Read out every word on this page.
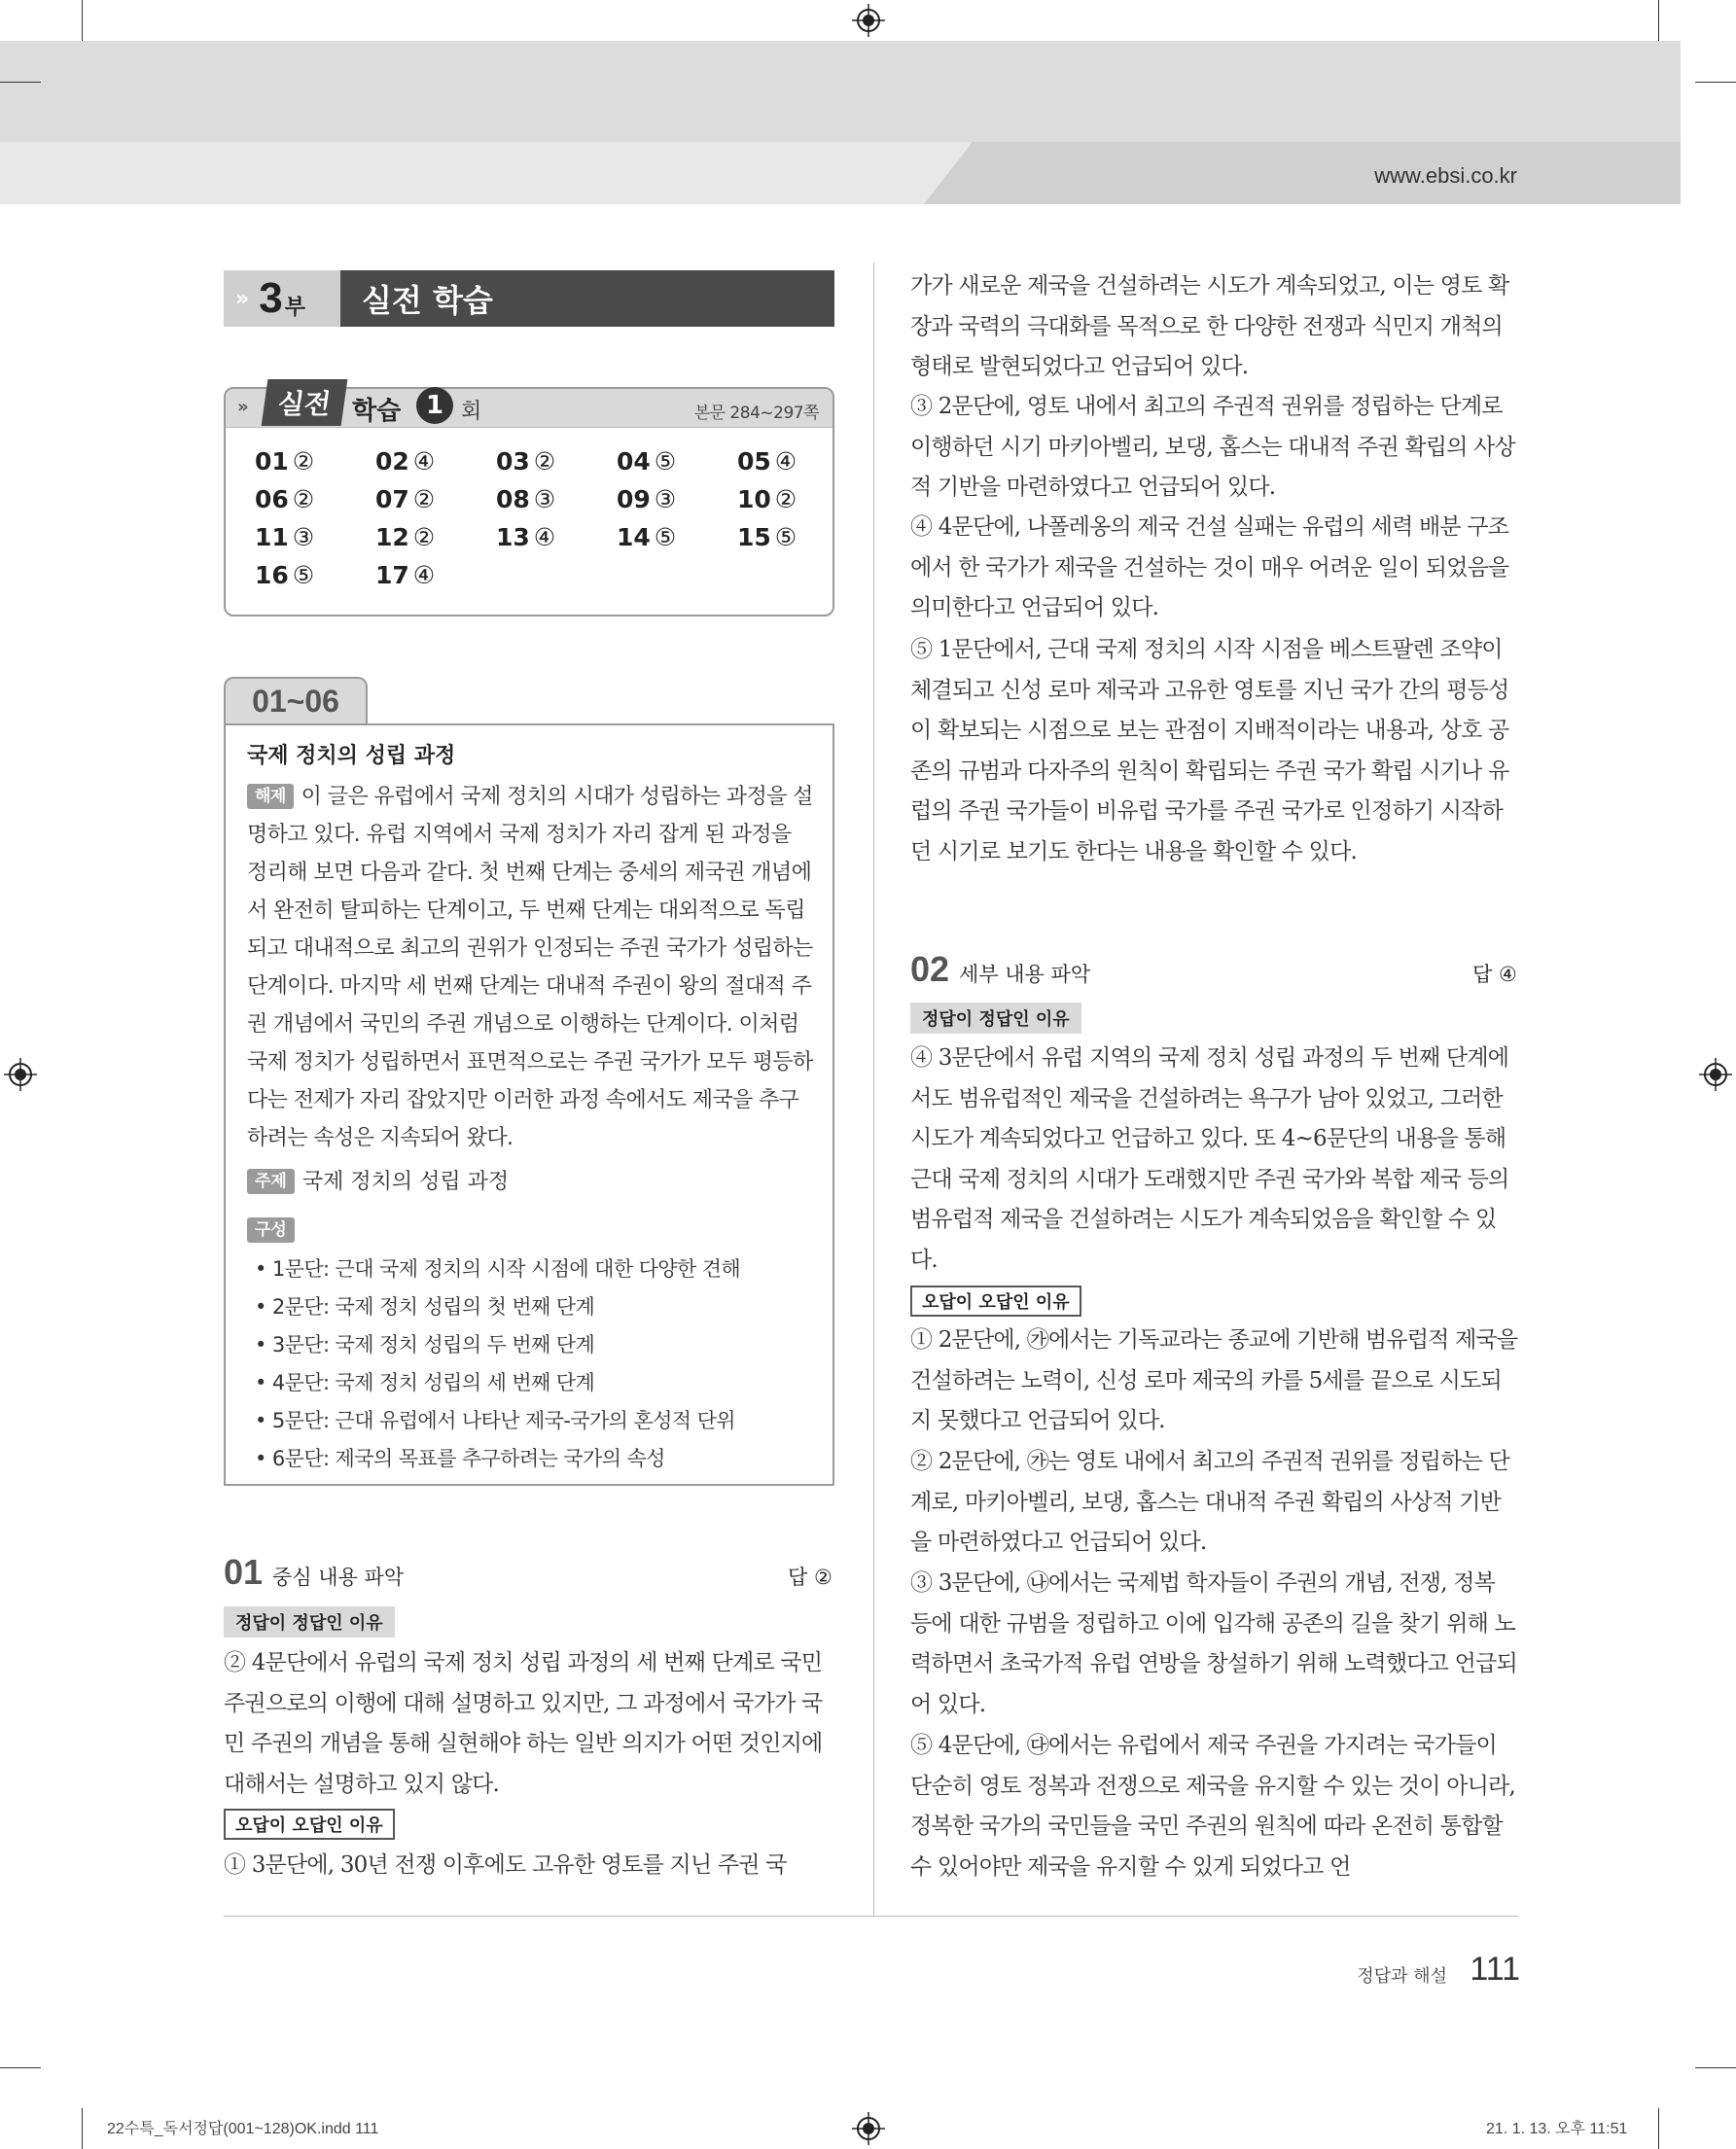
www.ebsi.co.kr
» 3 부	실전 학습
» 실전 학습 1 회	본문 284~297쪽
01 ②	02 ④	03 ②	04 ⑤	05 ④
06 ②	07 ②	08 ③	09 ③	10 ②
11 ③	12 ②	13 ④	14 ⑤	15 ⑤
16 ⑤	17 ④
01~06
국제 정치의 성립 과정
해제 이 글은 유럽에서 국제 정치의 시대가 성립하는 과정을 설명하고 있다. 유럽 지역에서 국제 정치가 자리 잡게 된 과정을 정리해 보면 다음과 같다. 첫 번째 단계는 중세의 제국권 개념에서 완전히 탈피하는 단계이고, 두 번째 단계는 대외적으로 독립되고 대내적으로 최고의 권위가 인정되는 주권 국가가 성립하는 단계이다. 마지막 세 번째 단계는 대내적 주권이 왕의 절대적 주권 개념에서 국민의 주권 개념으로 이행하는 단계이다. 이처럼 국제 정치가 성립하면서 표면적으로는 주권 국가가 모두 평등하다는 전제가 자리 잡았지만 이러한 과정 속에서도 제국을 추구하려는 속성은 지속되어 왔다.
주제 국제 정치의 성립 과정
구성
• 1문단: 근대 국제 정치의 시작 시점에 대한 다양한 견해
• 2문단: 국제 정치 성립의 첫 번째 단계
• 3문단: 국제 정치 성립의 두 번째 단계
• 4문단: 국제 정치 성립의 세 번째 단계
• 5문단: 근대 유럽에서 나타난 제국-국가의 혼성적 단위
• 6문단: 제국의 목표를 추구하려는 국가의 속성
01 중심 내용 파악	답 ②
정답이 정답인 이유
② 4문단에서 유럽의 국제 정치 성립 과정의 세 번째 단계로 국민 주권으로의 이행에 대해 설명하고 있지만, 그 과정에서 국가가 국민 주권의 개념을 통해 실현해야 하는 일반 의지가 어떤 것인지에 대해서는 설명하고 있지 않다.
오답이 오답인 이유
① 3문단에, 30년 전쟁 이후에도 고유한 영토를 지닌 주권 국
가가 새로운 제국을 건설하려는 시도가 계속되었고, 이는 영토 확장과 국력의 극대화를 목적으로 한 다양한 전쟁과 식민지 개척의 형태로 발현되었다고 언급되어 있다.
③ 2문단에, 영토 내에서 최고의 주권적 권위를 정립하는 단계로 이행하던 시기 마키아벨리, 보댕, 홉스는 대내적 주권 확립의 사상적 기반을 마련하였다고 언급되어 있다.
④ 4문단에, 나폴레옹의 제국 건설 실패는 유럽의 세력 배분 구조에서 한 국가가 제국을 건설하는 것이 매우 어려운 일이 되었음을 의미한다고 언급되어 있다.
⑤ 1문단에서, 근대 국제 정치의 시작 시점을 베스트팔렌 조약이 체결되고 신성 로마 제국과 고유한 영토를 지닌 국가 간의 평등성이 확보되는 시점으로 보는 관점이 지배적이라는 내용과, 상호 공존의 규범과 다자주의 원칙이 확립되는 주권 국가 확립 시기나 유럽의 주권 국가들이 비유럽 국가를 주권 국가로 인정하기 시작하던 시기로 보기도 한다는 내용을 확인할 수 있다.
02 세부 내용 파악	답 ④
정답이 정답인 이유
④ 3문단에서 유럽 지역의 국제 정치 성립 과정의 두 번째 단계에서도 범유럽적인 제국을 건설하려는 욕구가 남아 있었고, 그러한 시도가 계속되었다고 언급하고 있다. 또 4~6문단의 내용을 통해 근대 국제 정치의 시대가 도래했지만 주권 국가와 복합 제국 등의 범유럽적 제국을 건설하려는 시도가 계속되었음을 확인할 수 있다.
오답이 오답인 이유
① 2문단에, ㉮에서는 기독교라는 종교에 기반해 범유럽적 제국을 건설하려는 노력이, 신성 로마 제국의 카를 5세를 끝으로 시도되지 못했다고 언급되어 있다.
② 2문단에, ㉮는 영토 내에서 최고의 주권적 권위를 정립하는 단계로, 마키아벨리, 보댕, 홉스는 대내적 주권 확립의 사상적 기반을 마련하였다고 언급되어 있다.
③ 3문단에, ㉯에서는 국제법 학자들이 주권의 개념, 전쟁, 정복 등에 대한 규범을 정립하고 이에 입각해 공존의 길을 찾기 위해 노력하면서 초국가적 유럽 연방을 창설하기 위해 노력했다고 언급되어 있다.
⑤ 4문단에, ㉰에서는 유럽에서 제국 주권을 가지려는 국가들이 단순히 영토 정복과 전쟁으로 제국을 유지할 수 있는 것이 아니라, 정복한 국가의 국민들을 국민 주권의 원칙에 따라 온전히 통합할 수 있어야만 제국을 유지할 수 있게 되었다고 언
정답과 해설 111
22수특_독서정답(001~128)OK.indd 111	21. 1. 13. 오후 11:51
